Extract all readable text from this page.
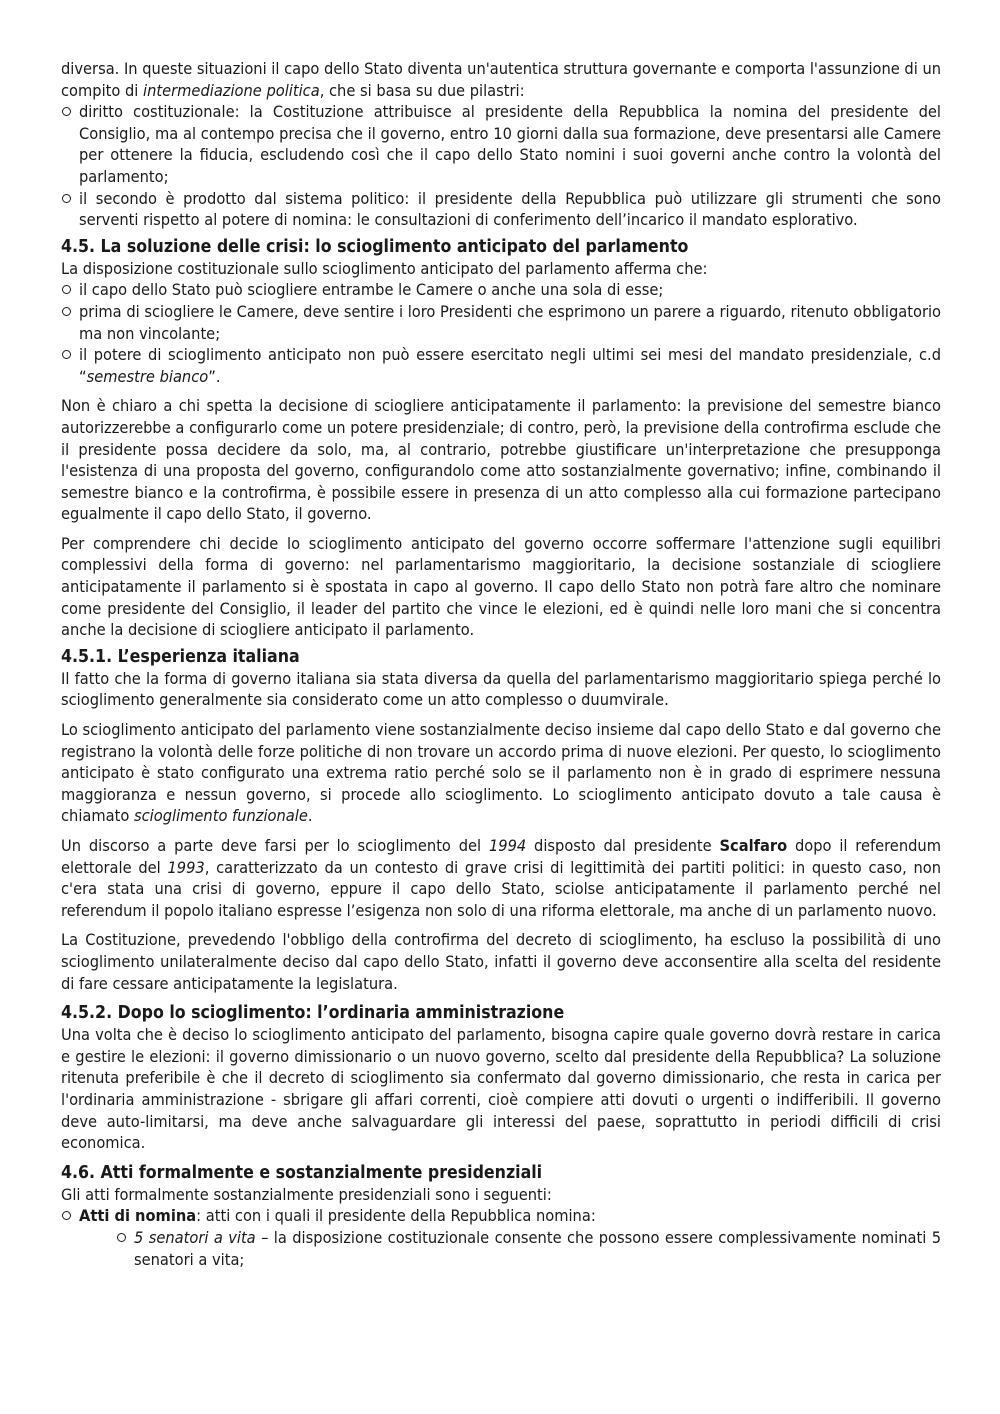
diversa. In queste situazioni il capo dello Stato diventa un'autentica struttura governante e comporta l'assunzione di un compito di intermediazione politica, che si basa su due pilastri:

diritto costituzionale: la Costituzione attribuisce al presidente della Repubblica la nomina del presidente del Consiglio, ma al contempo precisa che il governo, entro 10 giorni dalla sua formazione, deve presentarsi alle Camere per ottenere la fiducia, escludendo così che il capo dello Stato nomini i suoi governi anche contro la volontà del parlamento;
il secondo è prodotto dal sistema politico: il presidente della Repubblica può utilizzare gli strumenti che sono serventi rispetto al potere di nomina: le consultazioni di conferimento dell’incarico il mandato esplorativo.
4.5. La soluzione delle crisi: lo scioglimento anticipato del parlamento

La disposizione costituzionale sullo scioglimento anticipato del parlamento afferma che:

il capo dello Stato può sciogliere entrambe le Camere o anche una sola di esse;
prima di sciogliere le Camere, deve sentire i loro Presidenti che esprimono un parere a riguardo, ritenuto obbligatorio ma non vincolante;
il potere di scioglimento anticipato non può essere esercitato negli ultimi sei mesi del mandato presidenziale, c.d “semestre bianco”.

Non è chiaro a chi spetta la decisione di sciogliere anticipatamente il parlamento: la previsione del semestre bianco autorizzerebbe a configurarlo come un potere presidenziale; di contro, però, la previsione della controfirma esclude che il presidente possa decidere da solo, ma, al contrario, potrebbe giustificare un'interpretazione che presupponga l'esistenza di una proposta del governo, configurandolo come atto sostanzialmente governativo; infine, combinando il semestre bianco e la controfirma, è possibile essere in presenza di un atto complesso alla cui formazione partecipano egualmente il capo dello Stato, il governo.

Per comprendere chi decide lo scioglimento anticipato del governo occorre soffermare l'attenzione sugli equilibri complessivi della forma di governo: nel parlamentarismo maggioritario, la decisione sostanziale di sciogliere anticipatamente il parlamento si è spostata in capo al governo. Il capo dello Stato non potrà fare altro che nominare come presidente del Consiglio, il leader del partito che vince le elezioni, ed è quindi nelle loro mani che si concentra anche la decisione di sciogliere anticipato il parlamento.

4.5.1. L’esperienza italiana

Il fatto che la forma di governo italiana sia stata diversa da quella del parlamentarismo maggioritario spiega perché lo scioglimento generalmente sia considerato come un atto complesso o duumvirale.

Lo scioglimento anticipato del parlamento viene sostanzialmente deciso insieme dal capo dello Stato e dal governo che registrano la volontà delle forze politiche di non trovare un accordo prima di nuove elezioni. Per questo, lo scioglimento anticipato è stato configurato una extrema ratio perché solo se il parlamento non è in grado di esprimere nessuna maggioranza e nessun governo, si procede allo scioglimento. Lo scioglimento anticipato dovuto a tale causa è chiamato scioglimento funzionale.

Un discorso a parte deve farsi per lo scioglimento del 1994 disposto dal presidente Scalfaro dopo il referendum elettorale del 1993, caratterizzato da un contesto di grave crisi di legittimità dei partiti politici: in questo caso, non c'era stata una crisi di governo, eppure il capo dello Stato, sciolse anticipatamente il parlamento perché nel referendum il popolo italiano espresse l’esigenza non solo di una riforma elettorale, ma anche di un parlamento nuovo.

La Costituzione, prevedendo l'obbligo della controfirma del decreto di scioglimento, ha escluso la possibilità di uno scioglimento unilateralmente deciso dal capo dello Stato, infatti il governo deve acconsentire alla scelta del residente di fare cessare anticipatamente la legislatura.

4.5.2. Dopo lo scioglimento: l’ordinaria amministrazione

Una volta che è deciso lo scioglimento anticipato del parlamento, bisogna capire quale governo dovrà restare in carica e gestire le elezioni: il governo dimissionario o un nuovo governo, scelto dal presidente della Repubblica? La soluzione ritenuta preferibile è che il decreto di scioglimento sia confermato dal governo dimissionario, che resta in carica per l'ordinaria amministrazione - sbrigare gli affari correnti, cioè compiere atti dovuti o urgenti o indifferibili. Il governo deve auto-limitarsi, ma deve anche salvaguardare gli interessi del paese, soprattutto in periodi difficili di crisi economica.

4.6. Atti formalmente e sostanzialmente presidenziali

Gli atti formalmente sostanzialmente presidenziali sono i seguenti:

Atti di nomina: atti con i quali il presidente della Repubblica nomina:
5 senatori a vita – la disposizione costituzionale consente che possono essere complessivamente nominati 5 senatori a vita;
